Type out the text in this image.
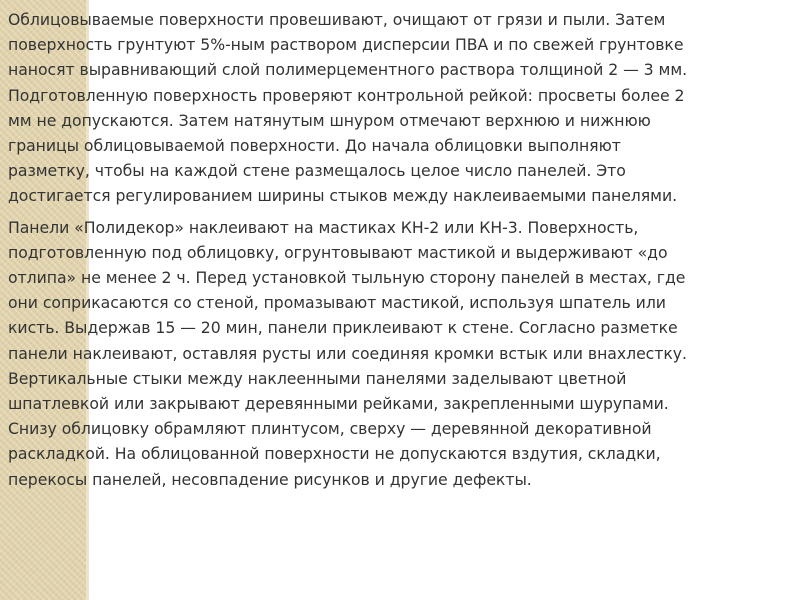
Облицовываемые поверхности провешивают, очищают от грязи и пыли. Затем
поверхность грунтуют 5%-ным раствором дисперсии ПВА и по свежей грунтовке
наносят выравнивающий слой полимерцементного раствора толщиной 2 — 3 мм.
Подготовленную поверхность проверяют контрольной рейкой: просветы более 2
мм не допускаются. Затем натянутым шнуром отмечают верхнюю и нижнюю
границы облицовываемой поверхности. До начала облицовки выполняют
разметку, чтобы на каждой стене размещалось целое число панелей. Это
достигается регулированием ширины стыков между наклеиваемыми панелями.

Панели «Полидекор» наклеивают на мастиках КН-2 или КН-3. Поверхность,
подготовленную под облицовку, огрунтовывают мастикой и выдерживают «до
отлипа» не менее 2 ч. Перед установкой тыльную сторону панелей в местах, где
они соприкасаются со стеной, промазывают мастикой, используя шпатель или
кисть. Выдержав 15 — 20 мин, панели приклеивают к стене. Согласно разметке
панели наклеивают, оставляя русты или соединяя кромки встык или внахлестку.
Вертикальные стыки между наклеенными панелями заделывают цветной
шпатлевкой или закрывают деревянными рейками, закрепленными шурупами.
Снизу облицовку обрамляют плинтусом, сверху — деревянной декоративной
раскладкой. На облицованной поверхности не допускаются вздутия, складки,
перекосы панелей, несовпадение рисунков и другие дефекты.
